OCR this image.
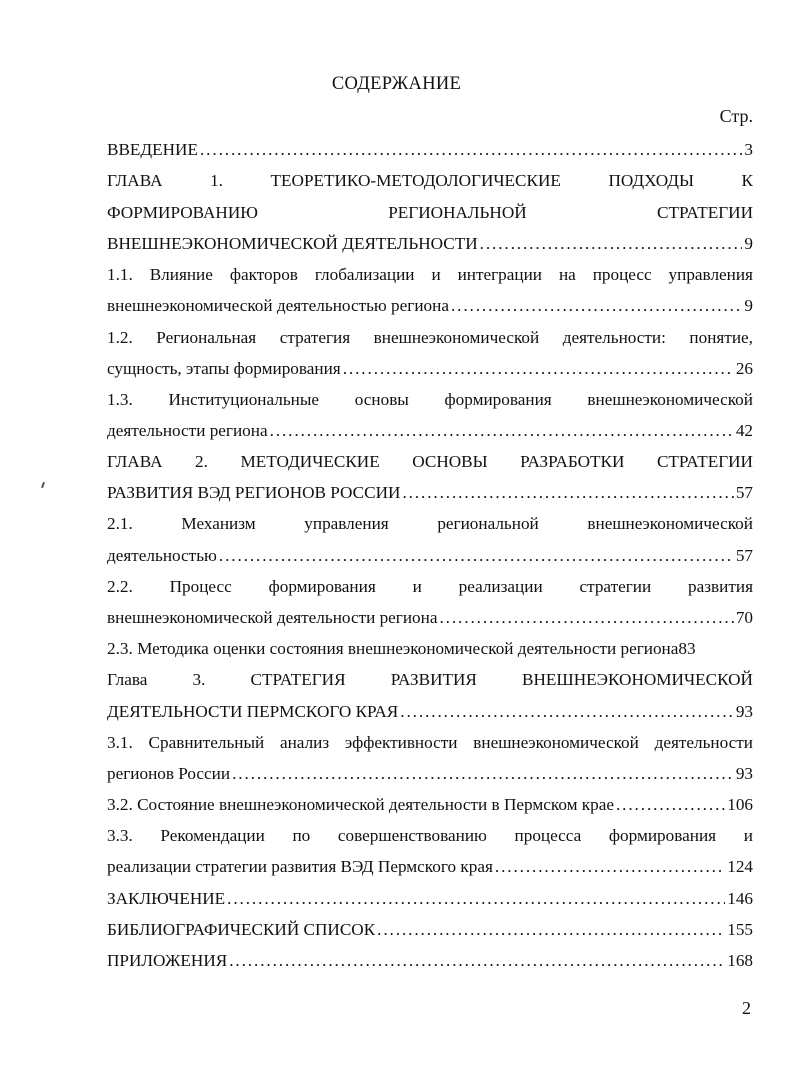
СОДЕРЖАНИЕ
Стр.
ВВЕДЕНИЕ . . .	3
ГЛАВА	1.	ТЕОРЕТИКО-МЕТОДОЛОГИЧЕСКИЕ	ПОДХОДЫ	К
ФОРМИРОВАНИЮ	РЕГИОНАЛЬНОЙ	СТРАТЕГИИ
ВНЕШНЕЭКОНОМИЧЕСКОЙ ДЕЯТЕЛЬНОСТИ . . .	9
1.1. Влияние факторов глобализации и интеграции на процесс управления
внешнеэкономической деятельностью региона . . .	9
1.2. Региональная стратегия внешнеэкономической деятельности: понятие,
сущность, этапы формирования . . .	26
1.3. Институциональные основы формирования внешнеэкономической
деятельности региона . . .	42
ГЛАВА 2. МЕТОДИЧЕСКИЕ ОСНОВЫ РАЗРАБОТКИ СТРАТЕГИИ
РАЗВИТИЯ ВЭД РЕГИОНОВ РОССИИ . . .	57
2.1.	Механизм	управления	региональной	внешнеэкономической
деятельностью . . .	57
2.2. Процесс формирования и реализации стратегии развития
внешнеэкономической деятельности региона . . .	70
2.3. Методика оценки состояния внешнеэкономической деятельности региона83
Глава	3.	СТРАТЕГИЯ	РАЗВИТИЯ	ВНЕШНЕЭКОНОМИЧЕСКОЙ
ДЕЯТЕЛЬНОСТИ ПЕРМСКОГО КРАЯ . . .	93
3.1. Сравнительный анализ эффективности внешнеэкономической деятельности
регионов России . . .	93
3.2. Состояние внешнеэкономической деятельности в Пермском крае . . .	106
3.3. Рекомендации по совершенствованию процесса формирования и
реализации стратегии развития ВЭД Пермского края . . .	124
ЗАКЛЮЧЕНИЕ . . .	146
БИБЛИОГРАФИЧЕСКИЙ СПИСОК . . .	155
ПРИЛОЖЕНИЯ . . .	168
2
